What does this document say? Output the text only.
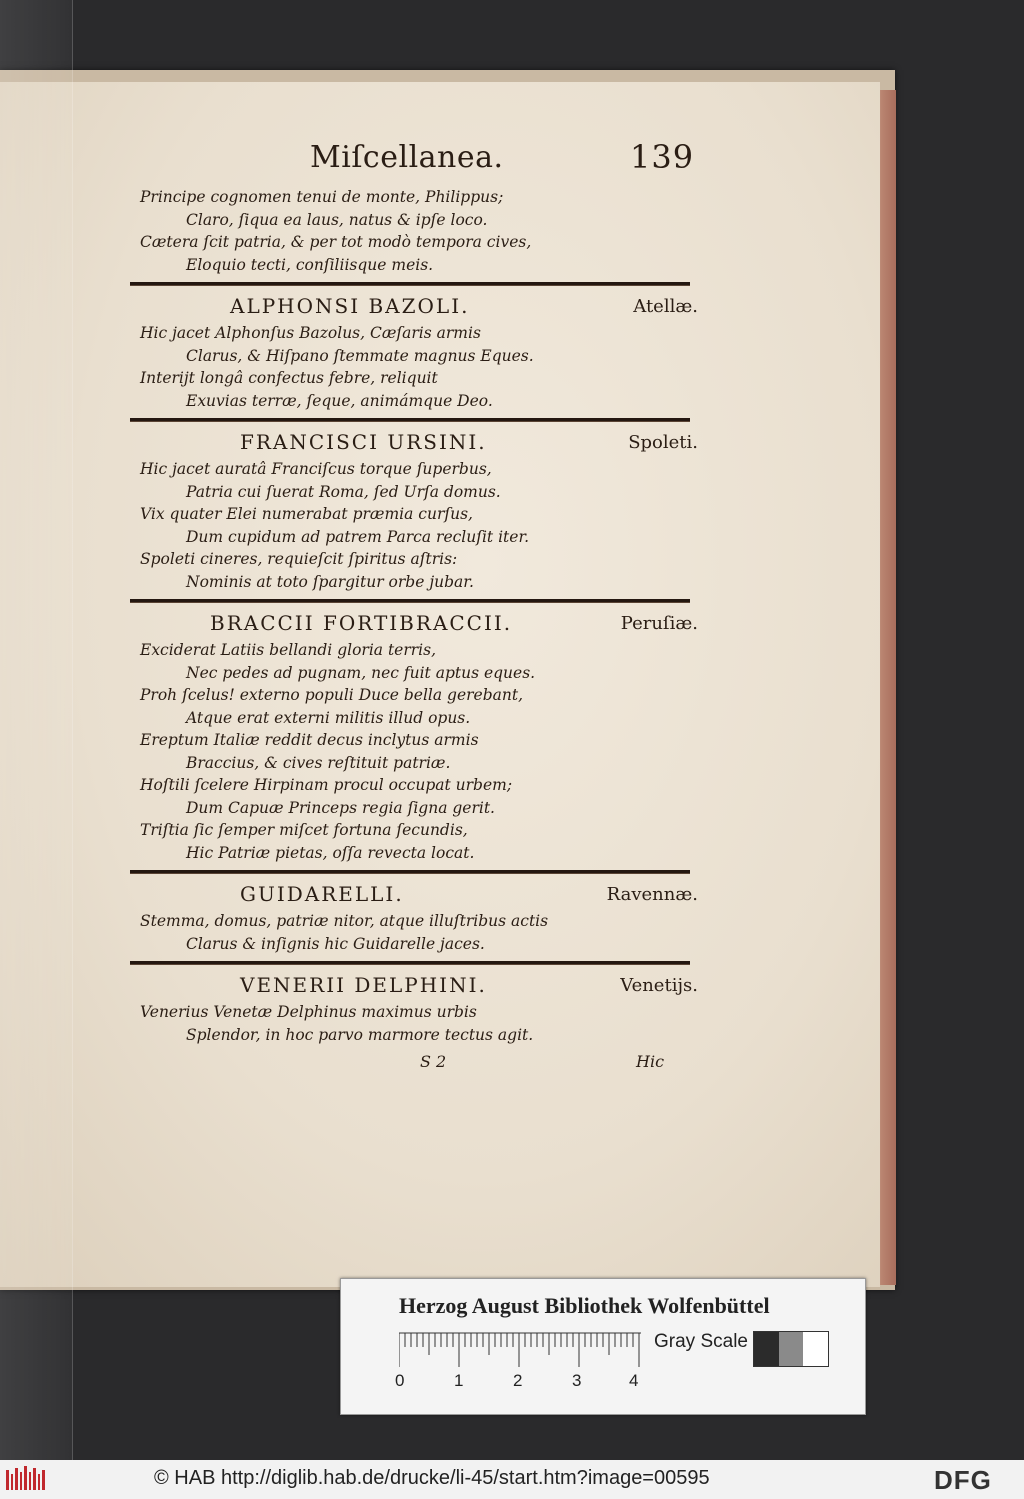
Miſcellanea.	139
Principe cognomen tenui de monte, Philippus;
Claro, ſiqua ea laus, natus & ipſe loco.
Cætera ſcit patria, & per tot modò tempora cives,
Eloquio tecti, conſiliisque meis.
ALPHONSI BAZOLI.	Atellæ.
Hic jacet Alphonſus Bazolus, Cæſaris armis
Clarus, & Hiſpano ſtemmate magnus Eques.
Interijt longâ confectus febre, reliquit
Exuvias terræ, ſeque, animámque Deo.
FRANCISCI URSINI.	Spoleti.
Hic jacet auratâ Franciſcus torque ſuperbus,
Patria cui ſuerat Roma, ſed Urſa domus.
Vix quater Elei numerabat præmia curſus,
Dum cupidum ad patrem Parca recluſit iter.
Spoleti cineres, requieſcit ſpiritus aſtris:
Nominis at toto ſpargitur orbe jubar.
BRACCII FORTIBRACCII.	Peruſiæ.
Exciderat Latiis bellandi gloria terris,
Nec pedes ad pugnam, nec fuit aptus eques.
Proh ſcelus! externo populi Duce bella gerebant,
Atque erat externi militis illud opus.
Ereptum Italiæ reddit decus inclytus armis
Braccius, & cives reſtituit patriæ.
Hoſtili ſcelere Hirpinam procul occupat urbem;
Dum Capuæ Princeps regia ſigna gerit.
Triſtia ſic ſemper miſcet fortuna ſecundis,
Hic Patriæ pietas, oſſa revecta locat.
GUIDARELLI.	Ravennæ.
Stemma, domus, patriæ nitor, atque illuſtribus actis
Clarus & inſignis hic Guidarelle jaces.
VENERII DELPHINI.	Venetijs.
Venerius Venetæ Delphinus maximus urbis
Splendor, in hoc parvo marmore tectus agit.
S 2	Hic
Herzog August Bibliothek Wolfenbüttel
0	1	2	3	4
Gray Scale
© HAB http://diglib.hab.de/drucke/li-45/start.htm?image=00595	DFG
